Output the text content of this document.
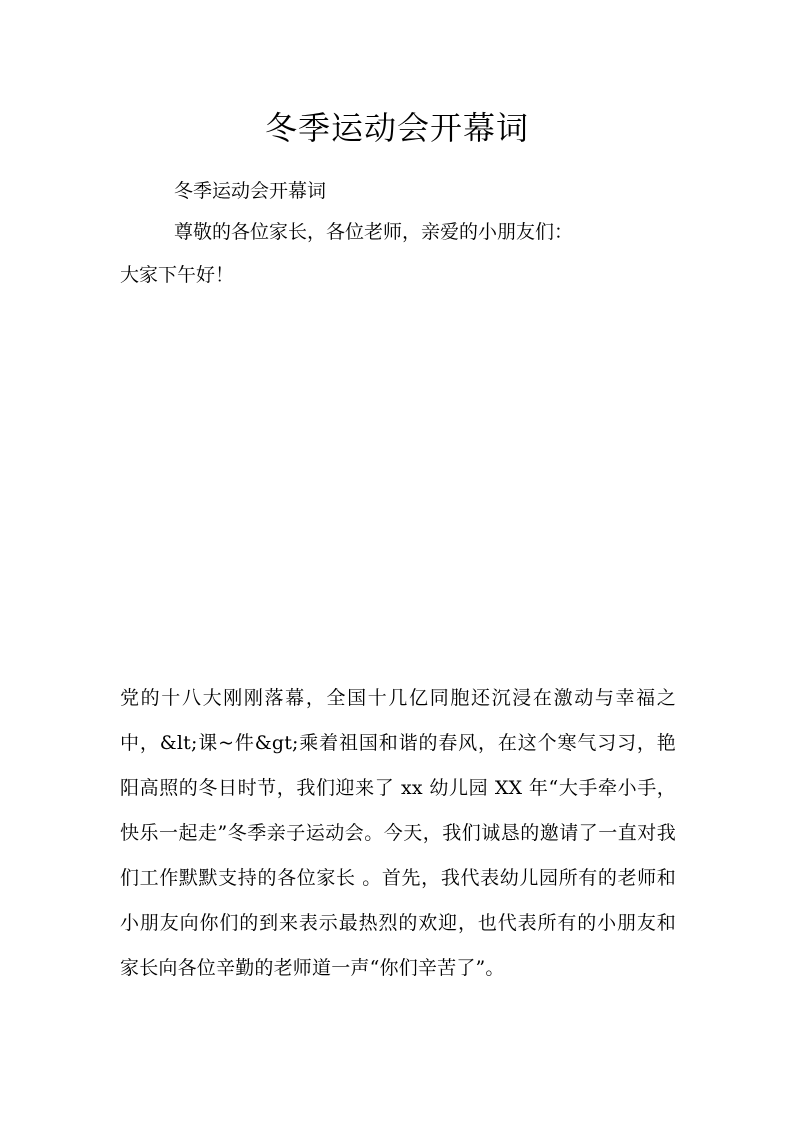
冬季运动会开幕词
冬季运动会开幕词
尊敬的各位家长，各位老师，亲爱的小朋友们：
大家下午好！
党的十八大刚刚落幕，全国十几亿同胞还沉浸在激动与幸福之中，&lt;课~件&gt;乘着祖国和谐的春风，在这个寒气习习，艳阳高照的冬日时节，我们迎来了 xx 幼儿园 XX 年“大手牵小手，快乐一起走”冬季亲子运动会。今天，我们诚恳的邀请了一直对我们工作默默支持的各位家长 。首先，我代表幼儿园所有的老师和小朋友向你们的到来表示最热烈的欢迎，也代表所有的小朋友和家长向各位辛勤的老师道一声“你们辛苦了”。
